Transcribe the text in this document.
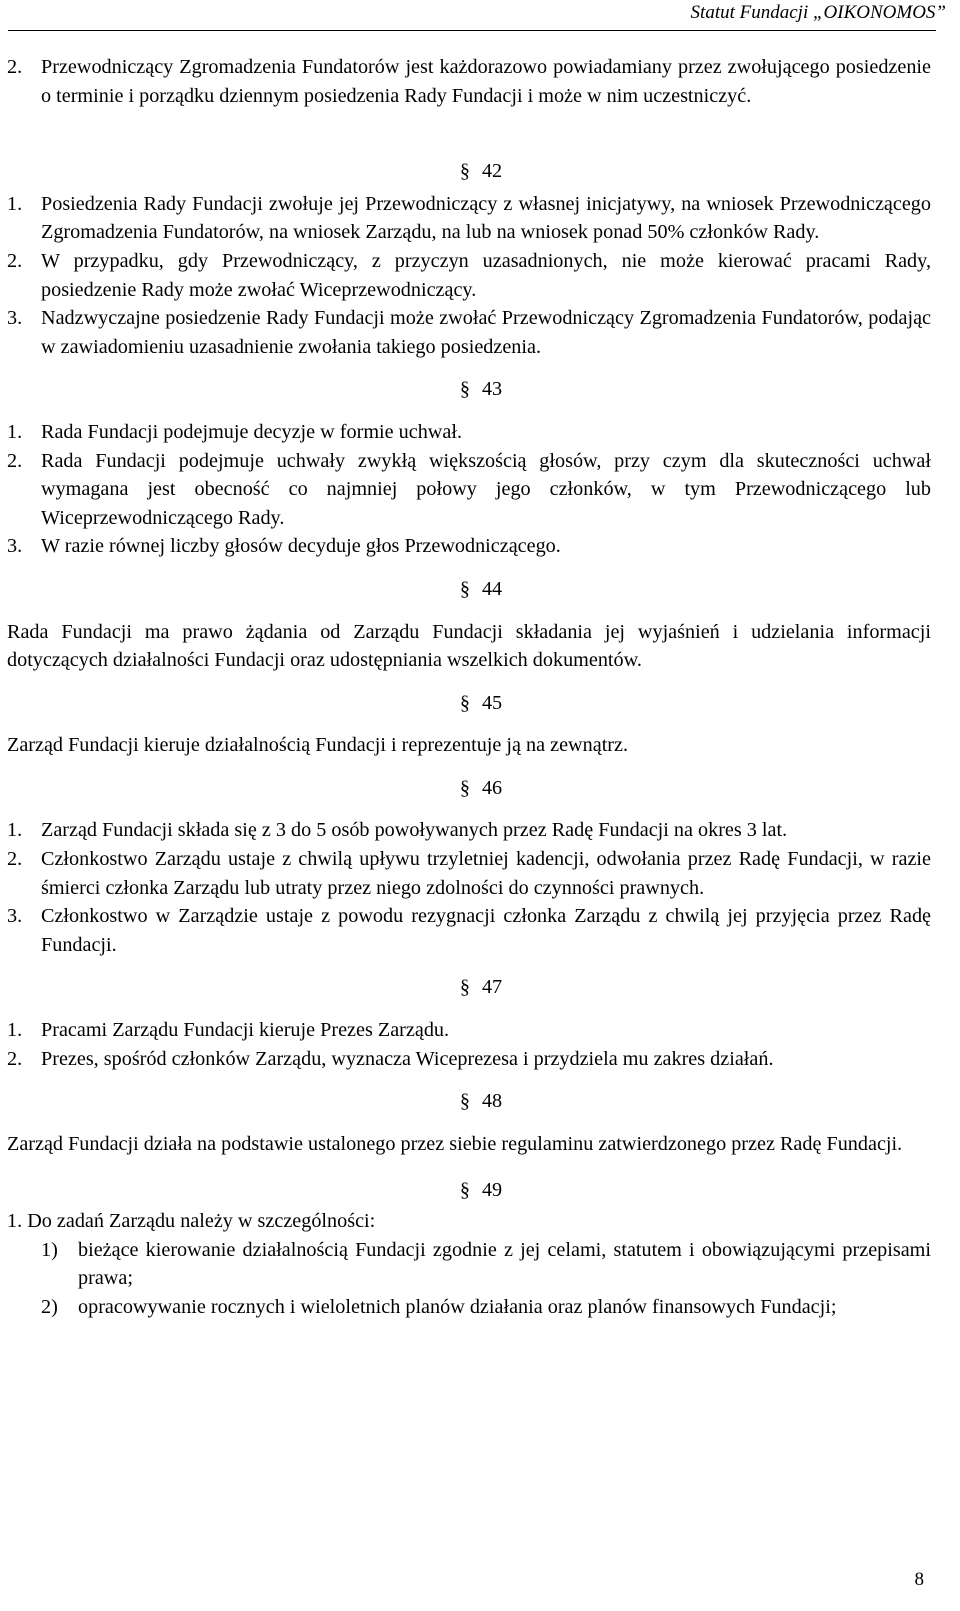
Statut Fundacji „OIKONOMOS”
2. Przewodniczący Zgromadzenia Fundatorów jest każdorazowo powiadamiany przez zwołującego posiedzenie o terminie i porządku dziennym posiedzenia Rady Fundacji i może w nim uczestniczyć.
§ 42
1. Posiedzenia Rady Fundacji zwołuje jej Przewodniczący z własnej inicjatywy, na wniosek Przewodniczącego Zgromadzenia Fundatorów, na wniosek Zarządu, na lub na wniosek ponad 50% członków Rady.
2. W przypadku, gdy Przewodniczący, z przyczyn uzasadnionych, nie może kierować pracami Rady, posiedzenie Rady może zwołać Wiceprzewodniczący.
3. Nadzwyczajne posiedzenie Rady Fundacji może zwołać Przewodniczący Zgromadzenia Fundatorów, podając w zawiadomieniu uzasadnienie zwołania takiego posiedzenia.
§ 43
1. Rada Fundacji podejmuje decyzje w formie uchwał.
2. Rada Fundacji podejmuje uchwały zwykłą większością głosów, przy czym dla skuteczności uchwał wymagana jest obecność co najmniej połowy jego członków, w tym Przewodniczącego lub Wiceprzewodniczącego Rady.
3. W razie równej liczby głosów decyduje głos Przewodniczącego.
§ 44
Rada Fundacji ma prawo żądania od Zarządu Fundacji składania jej wyjaśnień i udzielania informacji dotyczących działalności Fundacji oraz udostępniania wszelkich dokumentów.
§ 45
Zarząd Fundacji kieruje działalnością Fundacji i reprezentuje ją na zewnątrz.
§ 46
1. Zarząd Fundacji składa się z 3 do 5 osób powoływanych przez Radę Fundacji na okres 3 lat.
2. Członkostwo Zarządu ustaje z chwilą upływu trzyletniej kadencji, odwołania przez Radę Fundacji, w razie śmierci członka Zarządu lub utraty przez niego zdolności do czynności prawnych.
3. Członkostwo w Zarządzie ustaje z powodu rezygnacji członka Zarządu z chwilą jej przyjęcia przez Radę Fundacji.
§ 47
1. Pracami Zarządu Fundacji kieruje Prezes Zarządu.
2. Prezes, spośród członków Zarządu, wyznacza Wiceprezesa i przydziela mu zakres działań.
§ 48
Zarząd Fundacji działa na podstawie ustalonego przez siebie regulaminu zatwierdzonego przez Radę Fundacji.
§ 49
1. Do zadań Zarządu należy w szczególności:
1) bieżące kierowanie działalnością Fundacji zgodnie z jej celami, statutem i obowiązującymi przepisami prawa;
2) opracowywanie rocznych i wieloletnich planów działania oraz planów finansowych Fundacji;
8
